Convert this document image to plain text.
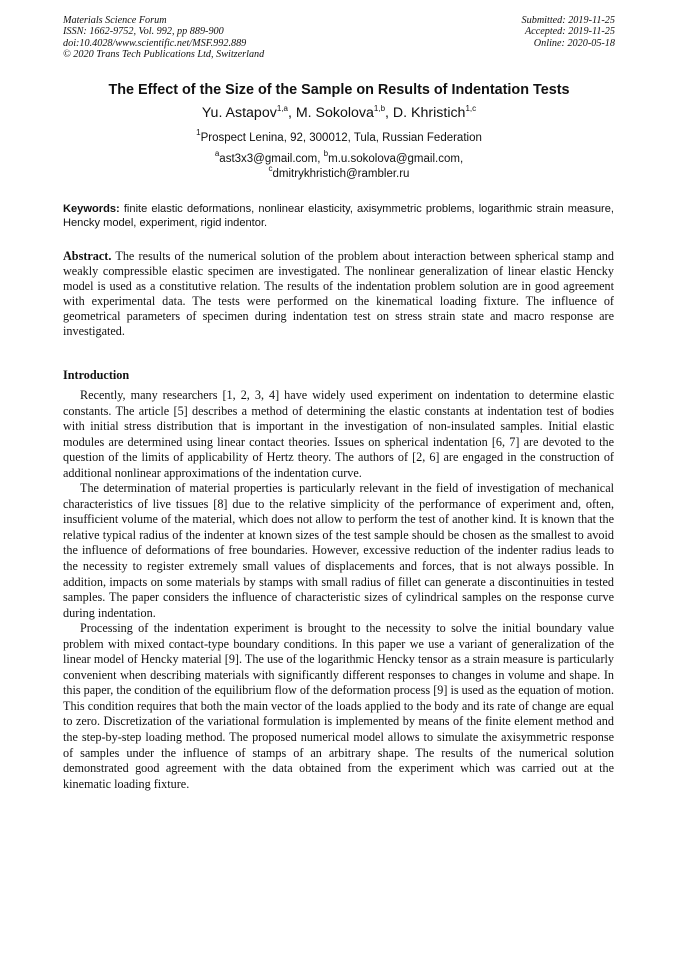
Materials Science Forum
ISSN: 1662-9752, Vol. 992, pp 889-900
doi:10.4028/www.scientific.net/MSF.992.889
© 2020 Trans Tech Publications Ltd, Switzerland
Submitted: 2019-11-25
Accepted: 2019-11-25
Online: 2020-05-18
The Effect of the Size of the Sample on Results of Indentation Tests
Yu. Astapov$^{1,a}$, M. Sokolova$^{1,b}$, D. Khristich$^{1,c}$
$^1$Prospect Lenina, 92, 300012, Tula, Russian Federation
$^a$ast3x3@gmail.com, $^b$m.u.sokolova@gmail.com,
$^c$dmitrykhristich@rambler.ru
Keywords: finite elastic deformations, nonlinear elasticity, axisymmetric problems, logarithmic strain measure, Hencky model, experiment, rigid indentor.
Abstract. The results of the numerical solution of the problem about interaction between spherical stamp and weakly compressible elastic specimen are investigated. The nonlinear generalization of linear elastic Hencky model is used as a constitutive relation. The results of the indentation problem solution are in good agreement with experimental data. The tests were performed on the kinematical loading fixture. The influence of geometrical parameters of specimen during indentation test on stress strain state and macro response are investigated.
Introduction

Recently, many researchers [1, 2, 3, 4] have widely used experiment on indentation to determine elastic constants. The article [5] describes a method of determining the elastic constants at indentation test of bodies with initial stress distribution that is important in the investigation of non-insulated samples. Initial elastic modules are determined using linear contact theories. Issues on spherical indentation [6, 7] are devoted to the question of the limits of applicability of Hertz theory. The authors of [2, 6] are engaged in the construction of additional nonlinear approximations of the indentation curve.

The determination of material properties is particularly relevant in the field of investigation of mechanical characteristics of live tissues [8] due to the relative simplicity of the performance of experiment and, often, insufficient volume of the material, which does not allow to perform the test of another kind. It is known that the relative typical radius of the indenter at known sizes of the test sample should be chosen as the smallest to avoid the influence of deformations of free boundaries. However, excessive reduction of the indenter radius leads to the necessity to register extremely small values of displacements and forces, that is not always possible. In addition, impacts on some materials by stamps with small radius of fillet can generate a discontinuities in tested samples. The paper considers the influence of characteristic sizes of cylindrical samples on the response curve during indentation.

Processing of the indentation experiment is brought to the necessity to solve the initial boundary value problem with mixed contact-type boundary conditions. In this paper we use a variant of generalization of the linear model of Hencky material [9]. The use of the logarithmic Hencky tensor as a strain measure is particularly convenient when describing materials with significantly different responses to changes in volume and shape. In this paper, the condition of the equilibrium flow of the deformation process [9] is used as the equation of motion. This condition requires that both the main vector of the loads applied to the body and its rate of change are equal to zero. Discretization of the variational formulation is implemented by means of the finite element method and the step-by-step loading method. The proposed numerical model allows to simulate the axisymmetric response of samples under the influence of stamps of an arbitrary shape. The results of the numerical solution demonstrated good agreement with the data obtained from the experiment which was carried out at the kinematic loading fixture.
